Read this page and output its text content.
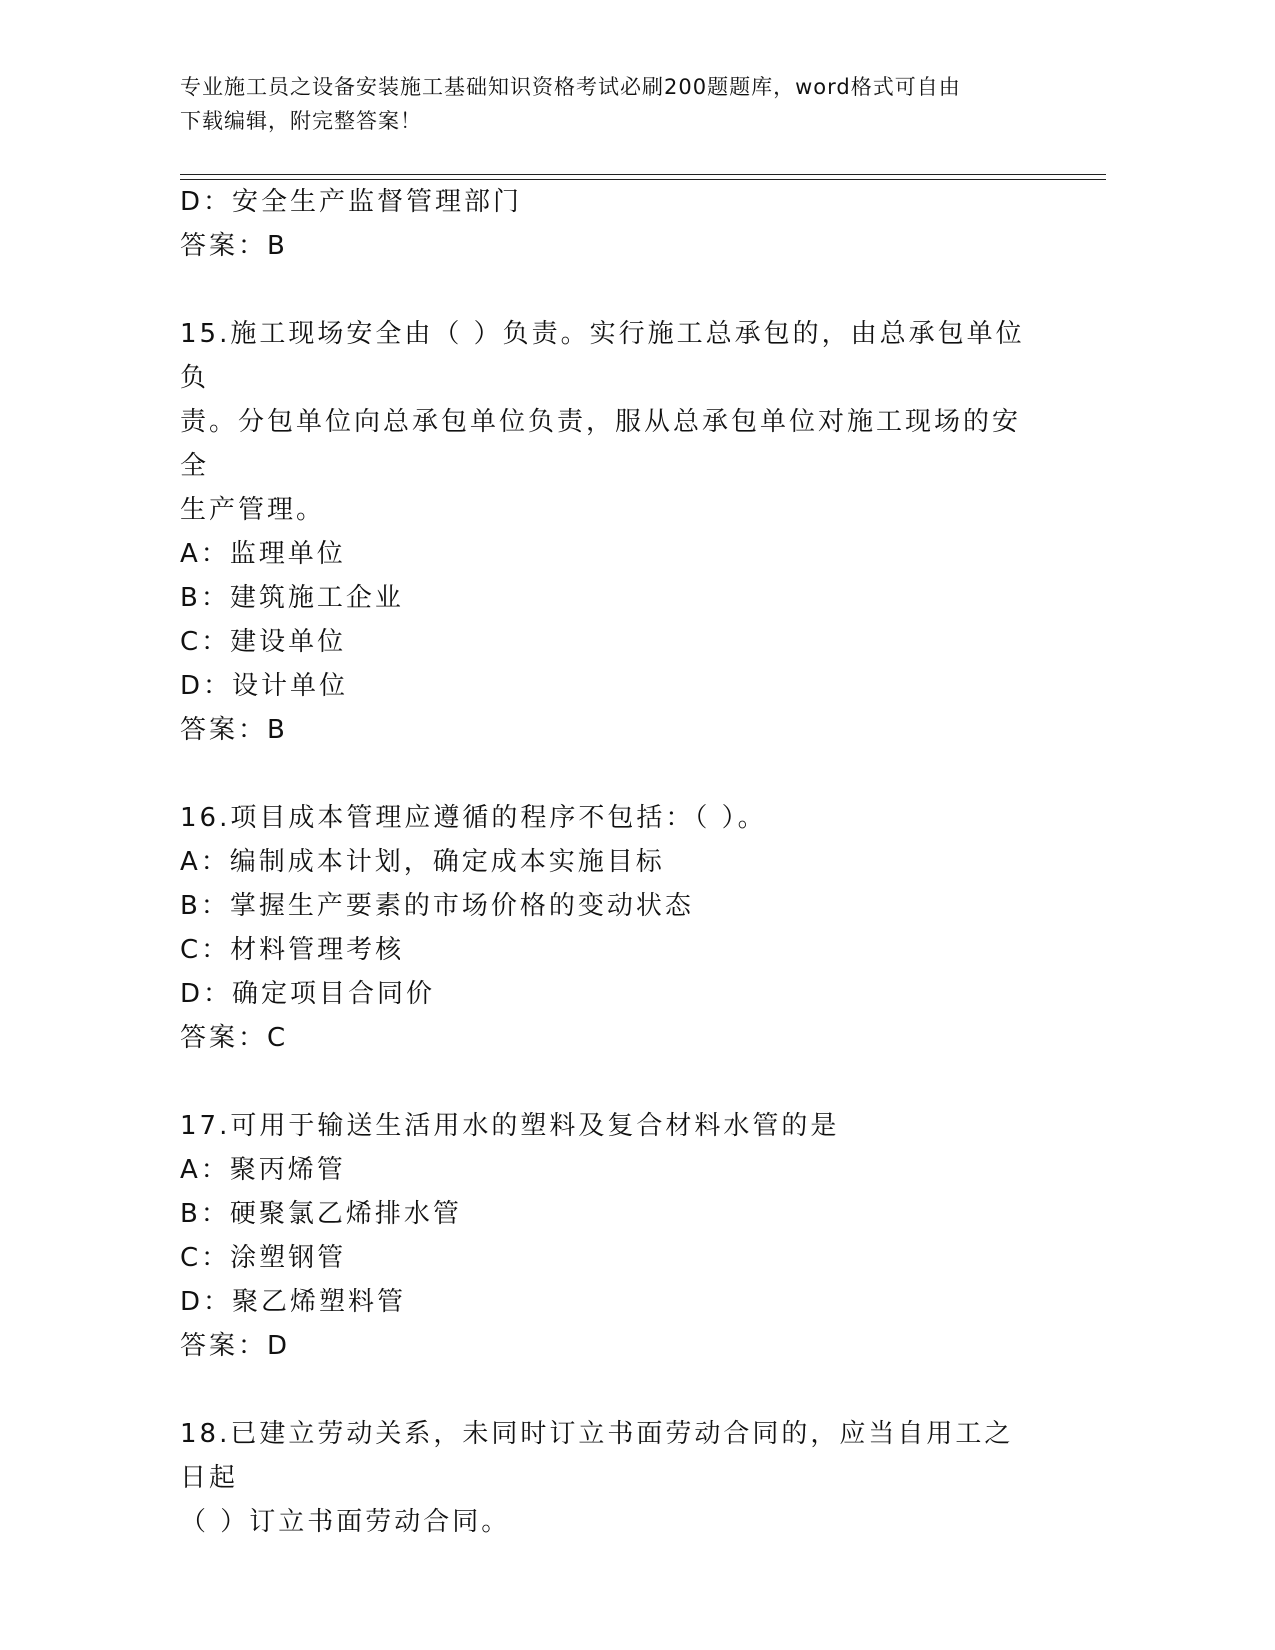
专业施工员之设备安装施工基础知识资格考试必刷200题题库，word格式可自由
下载编辑，附完整答案！
D：安全生产监督管理部门
答案：B
15.施工现场安全由（ ）负责。实行施工总承包的，由总承包单位负
责。分包单位向总承包单位负责，服从总承包单位对施工现场的安全
生产管理。
A：监理单位
B：建筑施工企业
C：建设单位
D：设计单位
答案：B
16.项目成本管理应遵循的程序不包括：（ ）。
A：编制成本计划，确定成本实施目标
B：掌握生产要素的市场价格的变动状态
C：材料管理考核
D：确定项目合同价
答案：C
17.可用于输送生活用水的塑料及复合材料水管的是
A：聚丙烯管
B：硬聚氯乙烯排水管
C：涂塑钢管
D：聚乙烯塑料管
答案：D
18.已建立劳动关系，未同时订立书面劳动合同的，应当自用工之日起
（ ）订立书面劳动合同。
